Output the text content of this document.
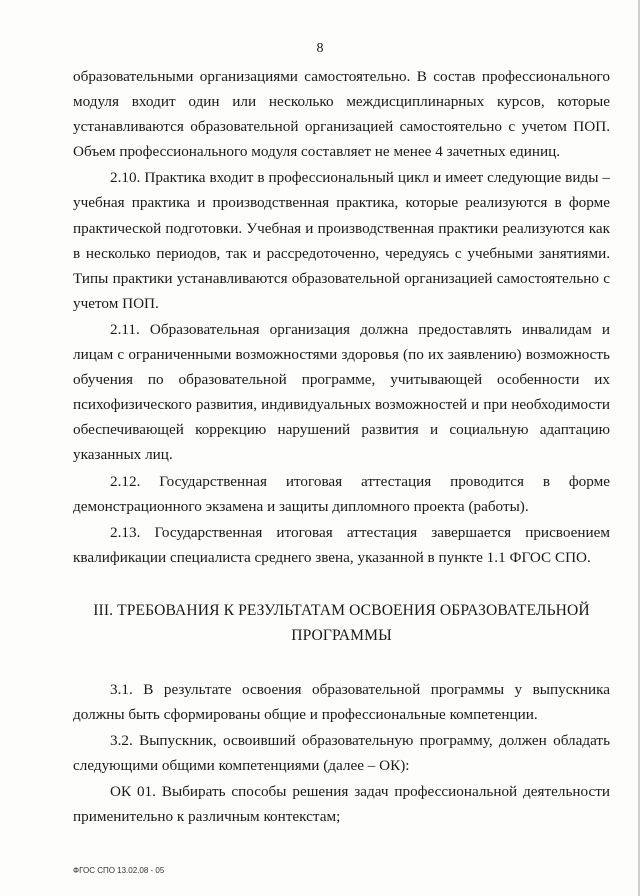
8

образовательными организациями самостоятельно. В состав профессионального модуля входит один или несколько междисциплинарных курсов, которые устанавливаются образовательной организацией самостоятельно с учетом ПОП. Объем профессионального модуля составляет не менее 4 зачетных единиц.

2.10. Практика входит в профессиональный цикл и имеет следующие виды – учебная практика и производственная практика, которые реализуются в форме практической подготовки. Учебная и производственная практики реализуются как в несколько периодов, так и рассредоточенно, чередуясь с учебными занятиями. Типы практики устанавливаются образовательной организацией самостоятельно с учетом ПОП.

2.11. Образовательная организация должна предоставлять инвалидам и лицам с ограниченными возможностями здоровья (по их заявлению) возможность обучения по образовательной программе, учитывающей особенности их психофизического развития, индивидуальных возможностей и при необходимости обеспечивающей коррекцию нарушений развития и социальную адаптацию указанных лиц.

2.12. Государственная итоговая аттестация проводится в форме демонстрационного экзамена и защиты дипломного проекта (работы).

2.13. Государственная итоговая аттестация завершается присвоением квалификации специалиста среднего звена, указанной в пункте 1.1 ФГОС СПО.

III. ТРЕБОВАНИЯ К РЕЗУЛЬТАТАМ ОСВОЕНИЯ ОБРАЗОВАТЕЛЬНОЙ
ПРОГРАММЫ

3.1. В результате освоения образовательной программы у выпускника должны быть сформированы общие и профессиональные компетенции.

3.2. Выпускник, освоивший образовательную программу, должен обладать следующими общими компетенциями (далее – ОК):

ОК 01. Выбирать способы решения задач профессиональной деятельности применительно к различным контекстам;

ФГОС СПО 13.02.08 - 05
